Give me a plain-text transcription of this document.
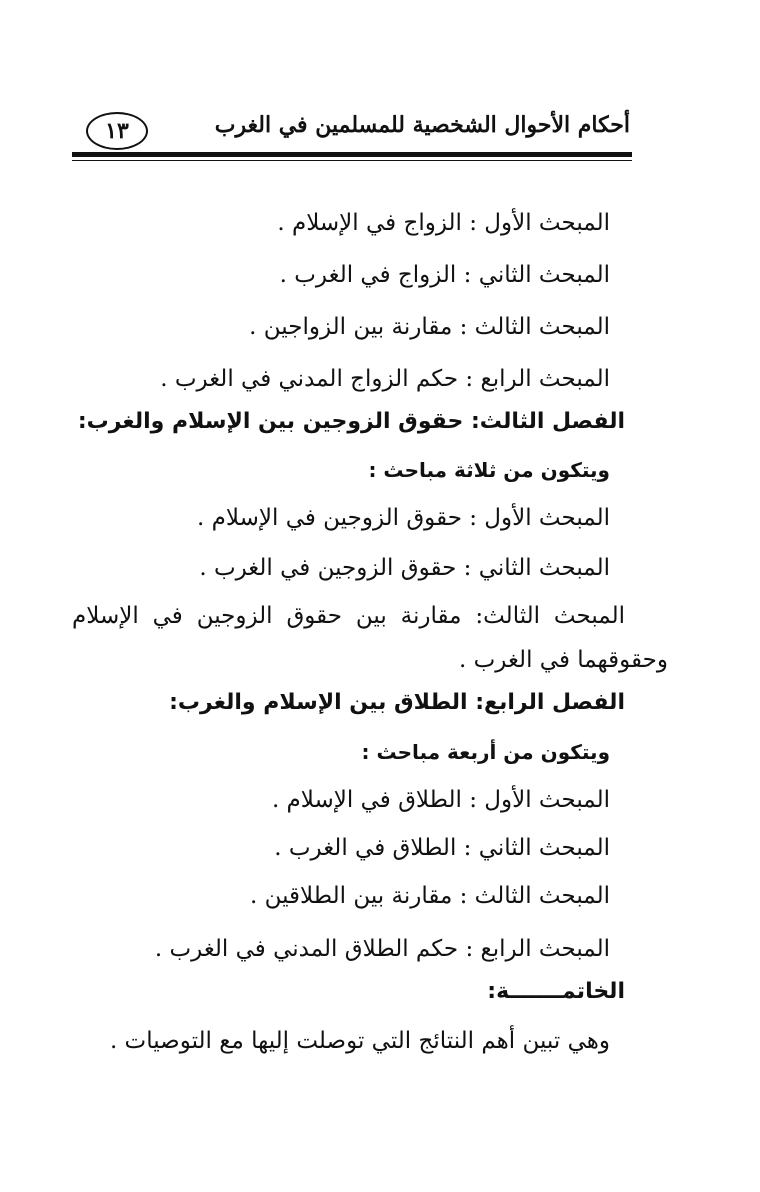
أحكام الأحوال الشخصية للمسلمين في الغرب
١٣
المبحث الأول : الزواج في الإسلام .
المبحث الثاني : الزواج في الغرب .
المبحث الثالث : مقارنة بين الزواجين .
المبحث الرابع : حكم الزواج المدني في الغرب .
الفصل الثالث: حقوق الزوجين بين الإسلام والغرب:
ويتكون من ثلاثة مباحث :
المبحث الأول : حقوق الزوجين في الإسلام .
المبحث الثاني : حقوق الزوجين في الغرب .
المبحث الثالث: مقارنة بين حقوق الزوجين في الإسلام
وحقوقهما في الغرب .
الفصل الرابع: الطلاق بين الإسلام والغرب:
ويتكون من أربعة مباحث :
المبحث الأول : الطلاق في الإسلام .
المبحث الثاني : الطلاق في الغرب .
المبحث الثالث : مقارنة بين الطلاقين .
المبحث الرابع : حكم الطلاق المدني في الغرب .
الخاتمـــــــة:
وهي تبين أهم النتائج التي توصلت إليها مع التوصيات .
